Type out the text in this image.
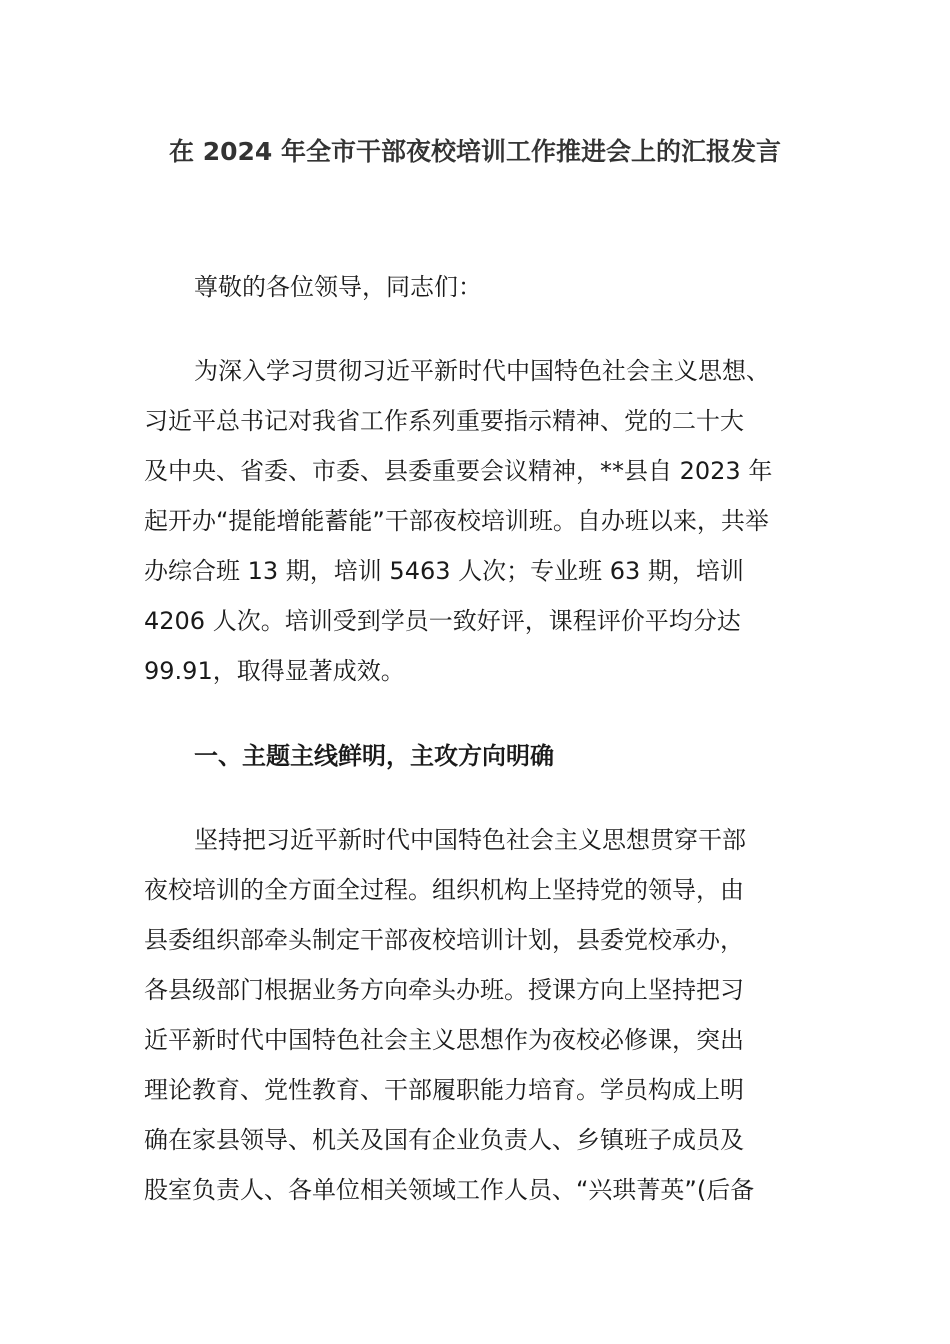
在 2024 年全市干部夜校培训工作推进会上的汇报发言

尊敬的各位领导，同志们：

为深入学习贯彻习近平新时代中国特色社会主义思想、
习近平总书记对我省工作系列重要指示精神、党的二十大
及中央、省委、市委、县委重要会议精神，**县自 2023 年
起开办“提能增能蓄能”干部夜校培训班。自办班以来，共举
办综合班 13 期，培训 5463 人次；专业班 63 期，培训
4206 人次。培训受到学员一致好评，课程评价平均分达
99.91，取得显著成效。

一、主题主线鲜明，主攻方向明确

坚持把习近平新时代中国特色社会主义思想贯穿干部
夜校培训的全方面全过程。组织机构上坚持党的领导，由
县委组织部牵头制定干部夜校培训计划，县委党校承办，
各县级部门根据业务方向牵头办班。授课方向上坚持把习
近平新时代中国特色社会主义思想作为夜校必修课，突出
理论教育、党性教育、干部履职能力培育。学员构成上明
确在家县领导、机关及国有企业负责人、乡镇班子成员及
股室负责人、各单位相关领域工作人员、“兴珙菁英”(后备
